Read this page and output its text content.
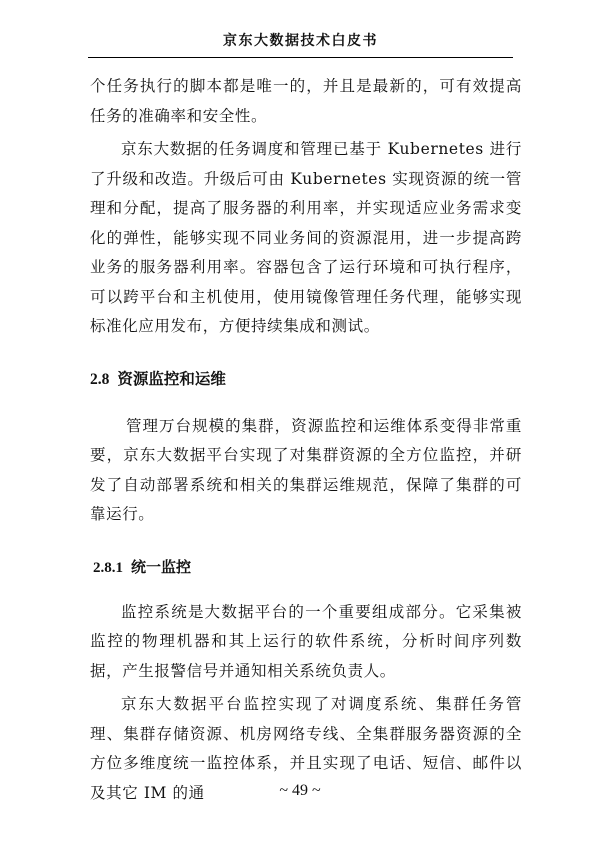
京东大数据技术白皮书

个任务执行的脚本都是唯一的，并且是最新的，可有效提高任务的准确率和安全性。

京东大数据的任务调度和管理已基于 Kubernetes 进行了升级和改造。升级后可由 Kubernetes 实现资源的统一管理和分配，提高了服务器的利用率，并实现适应业务需求变化的弹性，能够实现不同业务间的资源混用，进一步提高跨业务的服务器利用率。容器包含了运行环境和可执行程序，可以跨平台和主机使用，使用镜像管理任务代理，能够实现标准化应用发布，方便持续集成和测试。

2.8 资源监控和运维

管理万台规模的集群，资源监控和运维体系变得非常重要，京东大数据平台实现了对集群资源的全方位监控，并研发了自动部署系统和相关的集群运维规范，保障了集群的可靠运行。

2.8.1 统一监控

监控系统是大数据平台的一个重要组成部分。它采集被监控的物理机器和其上运行的软件系统，分析时间序列数据，产生报警信号并通知相关系统负责人。

京东大数据平台监控实现了对调度系统、集群任务管理、集群存储资源、机房网络专线、全集群服务器资源的全方位多维度统一监控体系，并且实现了电话、短信、邮件以及其它 IM 的通	~ 49 ~
